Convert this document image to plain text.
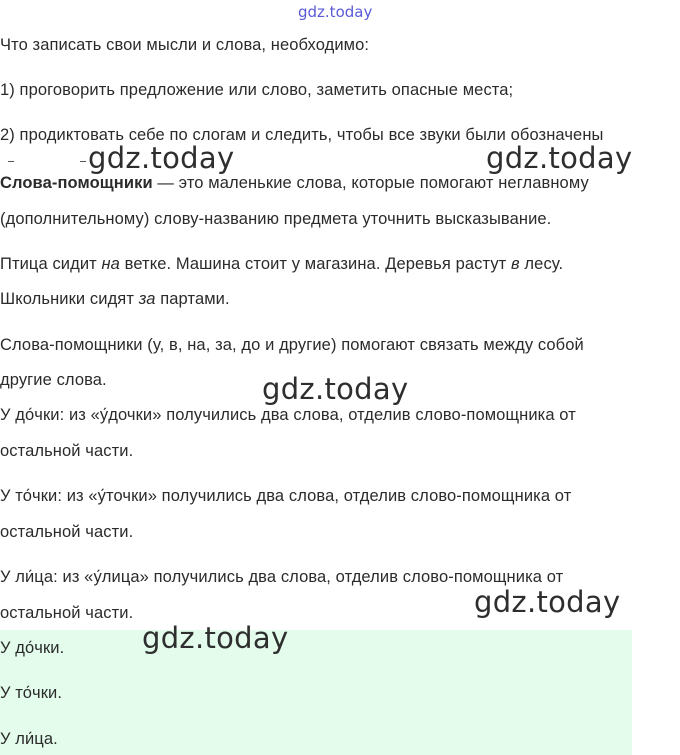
gdz.today
Что записать свои мысли и слова, необходимо:
1) проговорить предложение или слово, заметить опасные места;
2) продиктовать себе по слогам и следить, чтобы все звуки были обозначены
Слова-помощники — это маленькие слова, которые помогают неглавному
(дополнительному) слову-названию предмета уточнить высказывание.
Птица сидит на ветке. Машина стоит у магазина. Деревья растут в лесу.
Школьники сидят за партами.
Слова-помощники (у, в, на, за, до и другие) помогают связать между собой
другие слова.
У до́чки: из «у́дочки» получились два слова, отделив слово-помощника от
остальной части.
У то́чки: из «у́точки» получились два слова, отделив слово-помощника от
остальной части.
У ли́ца: из «у́лица» получились два слова, отделив слово-помощника от
остальной части.
У до́чки.
У то́чки.
У ли́ца.
gdz.today	gdz.today
gdz.today
gdz.today
gdz.today
